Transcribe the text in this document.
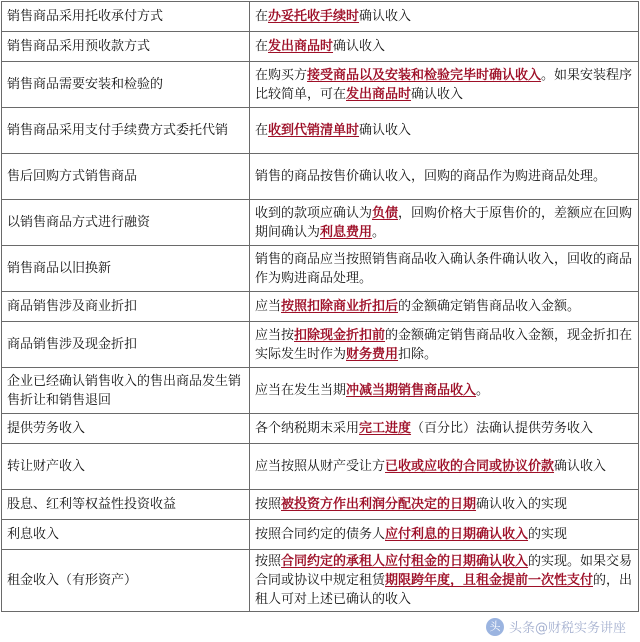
销售商品采用托收承付方式	在办妥托收手续时确认收入
销售商品采用预收款方式	在发出商品时确认收入
销售商品需要安装和检验的	在购买方接受商品以及安装和检验完毕时确认收入。如果安装程序比较简单，可在发出商品时确认收入
销售商品采用支付手续费方式委托代销	在收到代销清单时确认收入
售后回购方式销售商品	销售的商品按售价确认收入，回购的商品作为购进商品处理。
以销售商品方式进行融资	收到的款项应确认为负债，回购价格大于原售价的，差额应在回购期间确认为利息费用。
销售商品以旧换新	销售的商品应当按照销售商品收入确认条件确认收入，回收的商品作为购进商品处理。
商品销售涉及商业折扣	应当按照扣除商业折扣后的金额确定销售商品收入金额。
商品销售涉及现金折扣	应当按扣除现金折扣前的金额确定销售商品收入金额，现金折扣在实际发生时作为财务费用扣除。
企业已经确认销售收入的售出商品发生销售折让和销售退回	应当在发生当期冲减当期销售商品收入。
提供劳务收入	各个纳税期末采用完工进度（百分比）法确认提供劳务收入
转让财产收入	应当按照从财产受让方已收或应收的合同或协议价款确认收入
股息、红利等权益性投资收益	按照被投资方作出利润分配决定的日期确认收入的实现
利息收入	按照合同约定的债务人应付利息的日期确认收入的实现
租金收入（有形资产）	按照合同约定的承租人应付租金的日期确认收入的实现。如果交易合同或协议中规定租赁期限跨年度，且租金提前一次性支付的，出租人可对上述已确认的收入
头 头条@财税实务讲座
